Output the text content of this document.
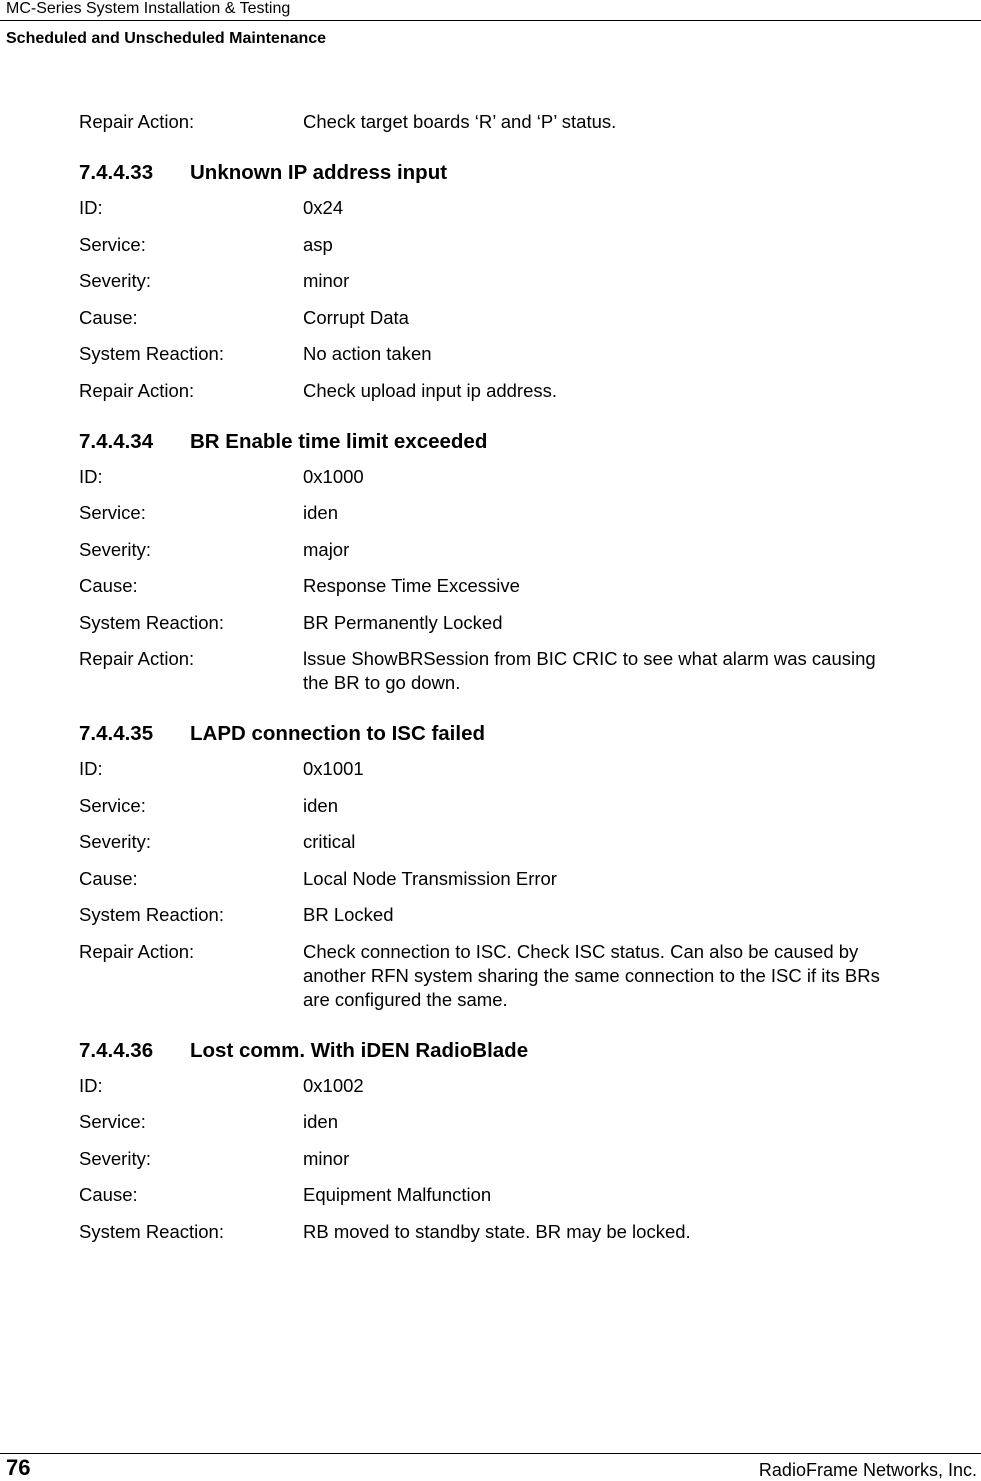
MC-Series System Installation & Testing
Scheduled and Unscheduled Maintenance
Repair Action:	Check target boards ‘R’ and ‘P’ status.
7.4.4.33	Unknown IP address input
ID:	0x24
Service:	asp
Severity:	minor
Cause:	Corrupt Data
System Reaction:	No action taken
Repair Action:	Check upload input ip address.
7.4.4.34	BR Enable time limit exceeded
ID:	0x1000
Service:	iden
Severity:	major
Cause:	Response Time Excessive
System Reaction:	BR Permanently Locked
Repair Action:	lssue ShowBRSession from BIC CRIC to see what alarm was causing
the BR to go down.
7.4.4.35	LAPD connection to ISC failed
ID:	0x1001
Service:	iden
Severity:	critical
Cause:	Local Node Transmission Error
System Reaction:	BR Locked
Repair Action:	Check connection to ISC. Check ISC status. Can also be caused by
another RFN system sharing the same connection to the ISC if its BRs
are configured the same.
7.4.4.36	Lost comm. With iDEN RadioBlade
ID:	0x1002
Service:	iden
Severity:	minor
Cause:	Equipment Malfunction
System Reaction:	RB moved to standby state. BR may be locked.
76	RadioFrame Networks, Inc.
